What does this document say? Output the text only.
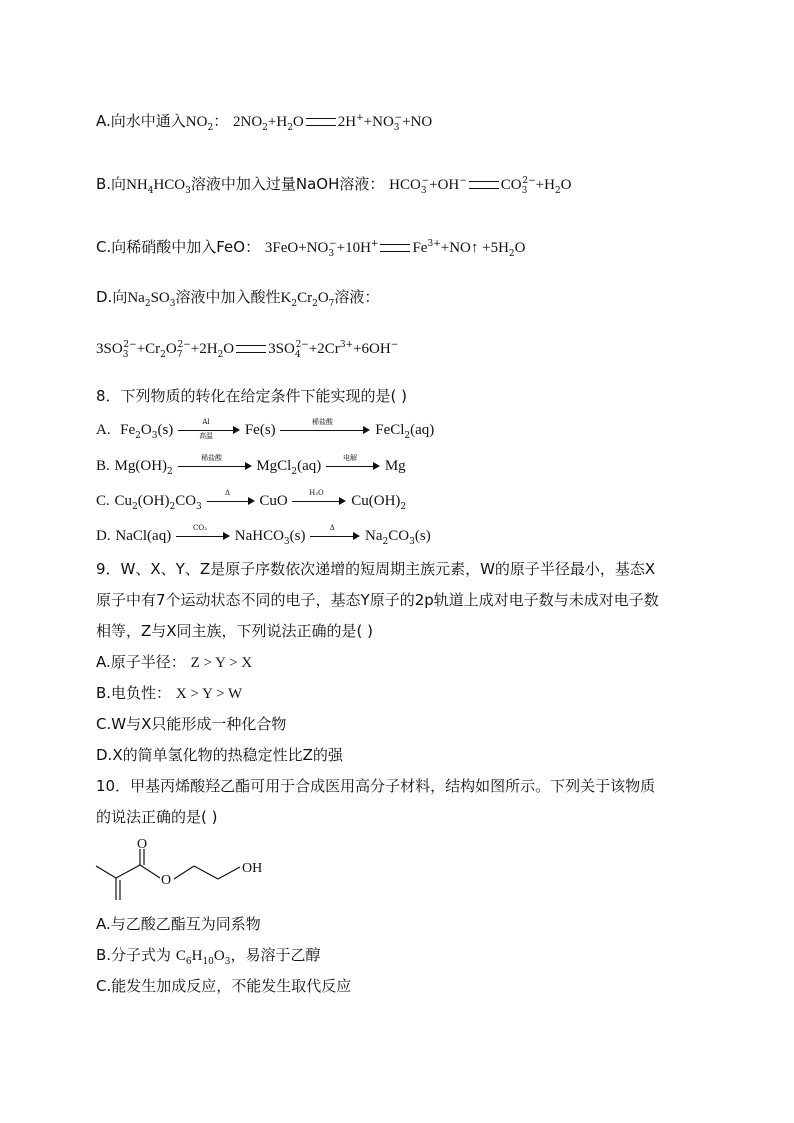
A.向水中通入$NO_2$： $2NO_2+H_2O$ $2H^++NO_3^-+NO$
B.向$NH_4HCO_3$溶液中加入过量NaOH溶液： $HCO_3^-+OH^-$ $CO_3^{2-}+H_2O$
C.向稀硝酸中加入FeO： $3FeO+NO_3^-+10H^+$ $Fe^{3+}+NO↑ +5H_2O$
D.向$Na_2SO_3$溶液中加入酸性$K_2Cr_2O_7$溶液：
$3SO_3^{2-}+Cr_2O_7^{2-}+2H_2O$ $3SO_4^{2-}+2Cr^{3+}+6OH^-$
8．下列物质的转化在给定条件下能实现的是( )
A. $Fe_2O_3(s)$	Al
高温	Fe(s)	稀盐酸	FeCl$_2$(aq)
B. $Mg(OH)_2$
稀盐酸	MgCl$_2$(aq)	电解	Mg
C. $Cu_2(OH)_2CO_3$
Δ	CuO	H₂O	$Cu(OH)_2$
D. NaCl(aq)	CO₂	NaHCO$_3$(s)	Δ	$Na_2CO_3(s)$
9．W、X、Y、Z是原子序数依次递增的短周期主族元素，W的原子半径最小，基态X
原子中有7个运动状态不同的电子，基态Y原子的2p轨道上成对电子数与未成对电子数
相等，Z与X同主族，下列说法正确的是( )
A.原子半径： Z > Y > X
B.电负性： X > Y > W
C.W与X只能形成一种化合物
D.X的简单氢化物的热稳定性比Z的强
10．甲基丙烯酸羟乙酯可用于合成医用高分子材料，结构如图所示。下列关于该物质
的说法正确的是( )
O
O
OH
A.与乙酸乙酯互为同系物
B.分子式为 $C_6H_{10}O_3$，易溶于乙醇
C.能发生加成反应，不能发生取代反应
